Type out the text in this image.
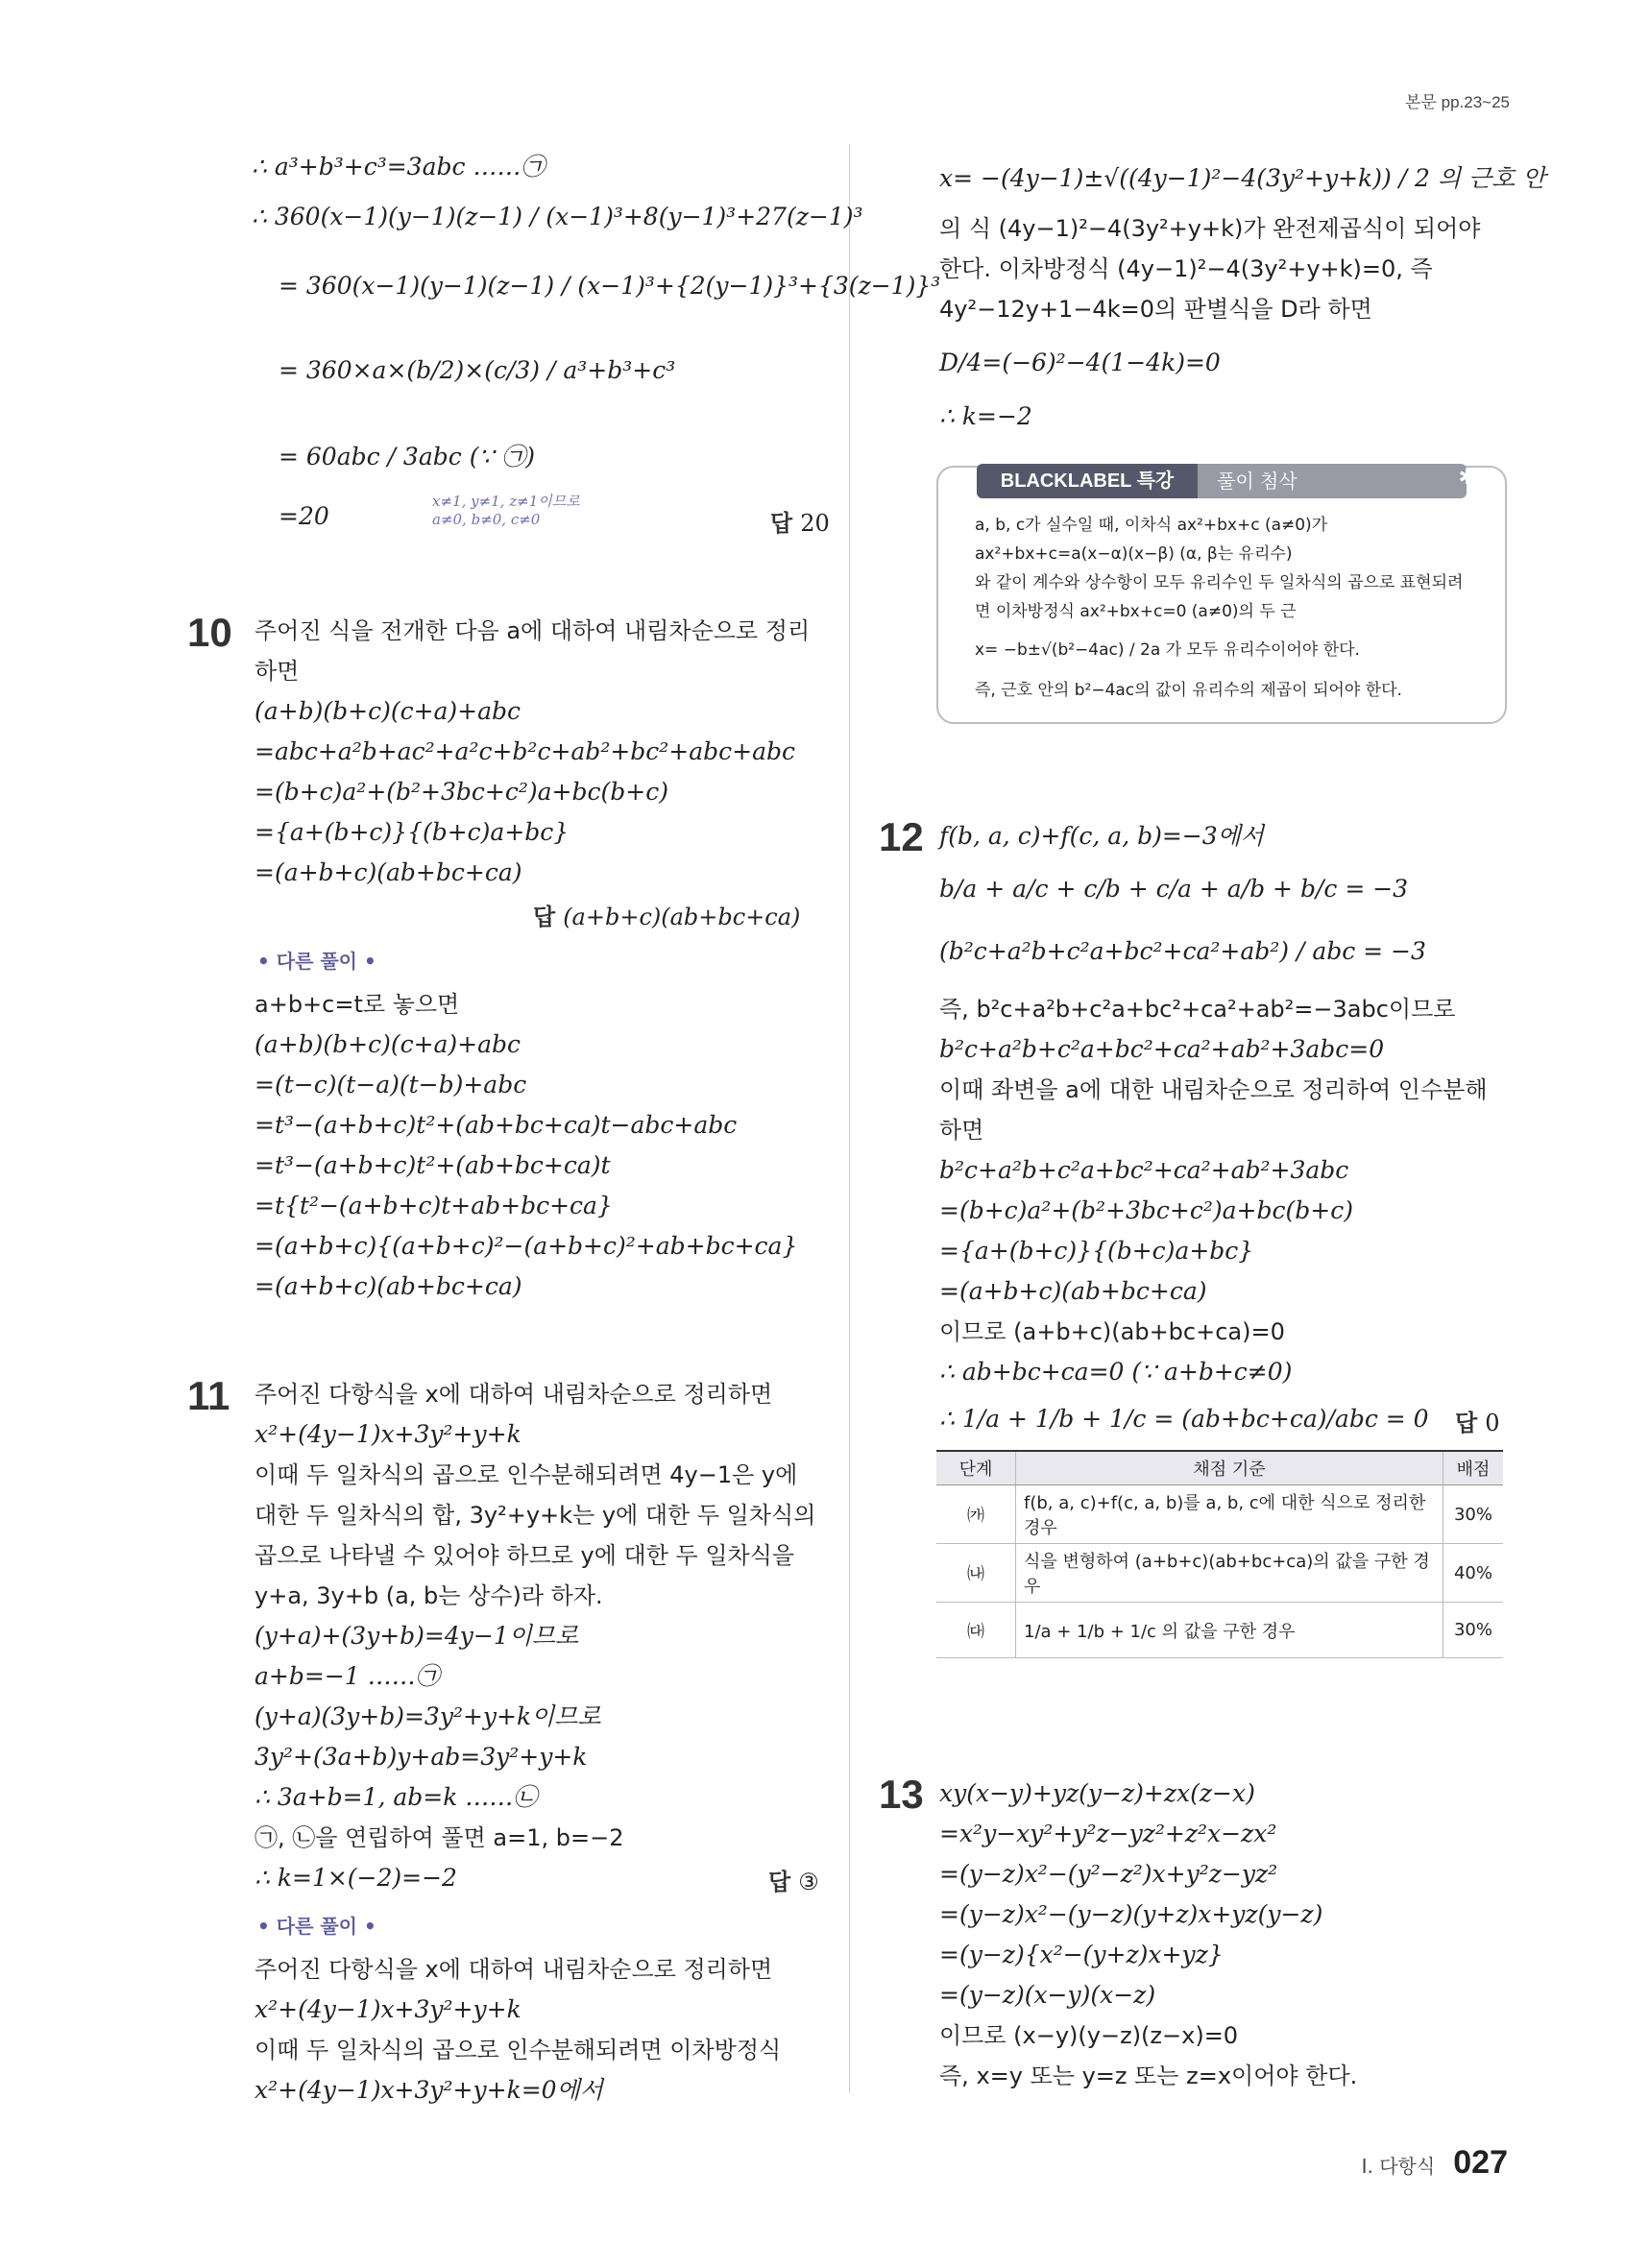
본문 pp.23~25
∴ a³+b³+c³=3abc ……㉠
∴ 360(x−1)(y−1)(z−1) / (x−1)³+8(y−1)³+27(z−1)³
= 360(x−1)(y−1)(z−1) / (x−1)³+{2(y−1)}³+{3(z−1)}³
= 360×a×(b/2)×(c/3) / a³+b³+c³
= 60abc / 3abc (∵ ㉠)
=20
x≠1, y≠1, z≠1이므로
a≠0, b≠0, c≠0	답 20
10 주어진 식을 전개한 다음 a에 대하여 내림차순으로 정리
하면
(a+b)(b+c)(c+a)+abc
=abc+a²b+ac²+a²c+b²c+ab²+bc²+abc+abc
=(b+c)a²+(b²+3bc+c²)a+bc(b+c)
={a+(b+c)}{(b+c)a+bc}
=(a+b+c)(ab+bc+ca)
답 (a+b+c)(ab+bc+ca)
• 다른 풀이 •
a+b+c=t로 놓으면
(a+b)(b+c)(c+a)+abc
=(t−c)(t−a)(t−b)+abc
=t³−(a+b+c)t²+(ab+bc+ca)t−abc+abc
=t³−(a+b+c)t²+(ab+bc+ca)t
=t{t²−(a+b+c)t+ab+bc+ca}
=(a+b+c){(a+b+c)²−(a+b+c)²+ab+bc+ca}
=(a+b+c)(ab+bc+ca)
11 주어진 다항식을 x에 대하여 내림차순으로 정리하면
x²+(4y−1)x+3y²+y+k
이때 두 일차식의 곱으로 인수분해되려면 4y−1은 y에
대한 두 일차식의 합, 3y²+y+k는 y에 대한 두 일차식의
곱으로 나타낼 수 있어야 하므로 y에 대한 두 일차식을
y+a, 3y+b (a, b는 상수)라 하자.
(y+a)+(3y+b)=4y−1이므로
a+b=−1 ……㉠
(y+a)(3y+b)=3y²+y+k이므로
3y²+(3a+b)y+ab=3y²+y+k
∴ 3a+b=1, ab=k ……㉡
㉠, ㉡을 연립하여 풀면 a=1, b=−2
∴ k=1×(−2)=−2	답 ③
• 다른 풀이 •
주어진 다항식을 x에 대하여 내림차순으로 정리하면
x²+(4y−1)x+3y²+y+k
이때 두 일차식의 곱으로 인수분해되려면 이차방정식
x²+(4y−1)x+3y²+y+k=0에서
x= −(4y−1)±√((4y−1)²−4(3y²+y+k)) / 2 의 근호 안
의 식 (4y−1)²−4(3y²+y+k)가 완전제곱식이 되어야
한다. 이차방정식 (4y−1)²−4(3y²+y+k)=0, 즉
4y²−12y+1−4k=0의 판별식을 D라 하면
D/4=(−6)²−4(1−4k)=0
∴ k=−2
BLACKLABEL 특강	풀이 첨삭	✱
a, b, c가 실수일 때, 이차식 ax²+bx+c (a≠0)가
ax²+bx+c=a(x−α)(x−β) (α, β는 유리수)
와 같이 계수와 상수항이 모두 유리수인 두 일차식의 곱으로 표현되려
면 이차방정식 ax²+bx+c=0 (a≠0)의 두 근
x= −b±√(b²−4ac) / 2a 가 모두 유리수이어야 한다.
즉, 근호 안의 b²−4ac의 값이 유리수의 제곱이 되어야 한다.
12 f(b, a, c)+f(c, a, b)=−3에서
b/a + a/c + c/b + c/a + a/b + b/c = −3
(b²c+a²b+c²a+bc²+ca²+ab²) / abc = −3
즉, b²c+a²b+c²a+bc²+ca²+ab²=−3abc이므로
b²c+a²b+c²a+bc²+ca²+ab²+3abc=0
이때 좌변을 a에 대한 내림차순으로 정리하여 인수분해
하면
b²c+a²b+c²a+bc²+ca²+ab²+3abc
=(b+c)a²+(b²+3bc+c²)a+bc(b+c)
={a+(b+c)}{(b+c)a+bc}
=(a+b+c)(ab+bc+ca)
이므로 (a+b+c)(ab+bc+ca)=0
∴ ab+bc+ca=0 (∵ a+b+c≠0)
∴ 1/a + 1/b + 1/c = (ab+bc+ca)/abc = 0 답 0
단계	채점 기준	배점
㈎	f(b, a, c)+f(c, a, b)를 a, b, c에 대한 식으로 정리한 경우	30%
㈏	식을 변형하여 (a+b+c)(ab+bc+ca)의 값을 구한 경우	40%
㈐	1/a + 1/b + 1/c 의 값을 구한 경우	30%
13 xy(x−y)+yz(y−z)+zx(z−x)
=x²y−xy²+y²z−yz²+z²x−zx²
=(y−z)x²−(y²−z²)x+y²z−yz²
=(y−z)x²−(y−z)(y+z)x+yz(y−z)
=(y−z){x²−(y+z)x+yz}
=(y−z)(x−y)(x−z)
이므로 (x−y)(y−z)(z−x)=0
즉, x=y 또는 y=z 또는 z=x이어야 한다.
Ⅰ. 다항식 027
